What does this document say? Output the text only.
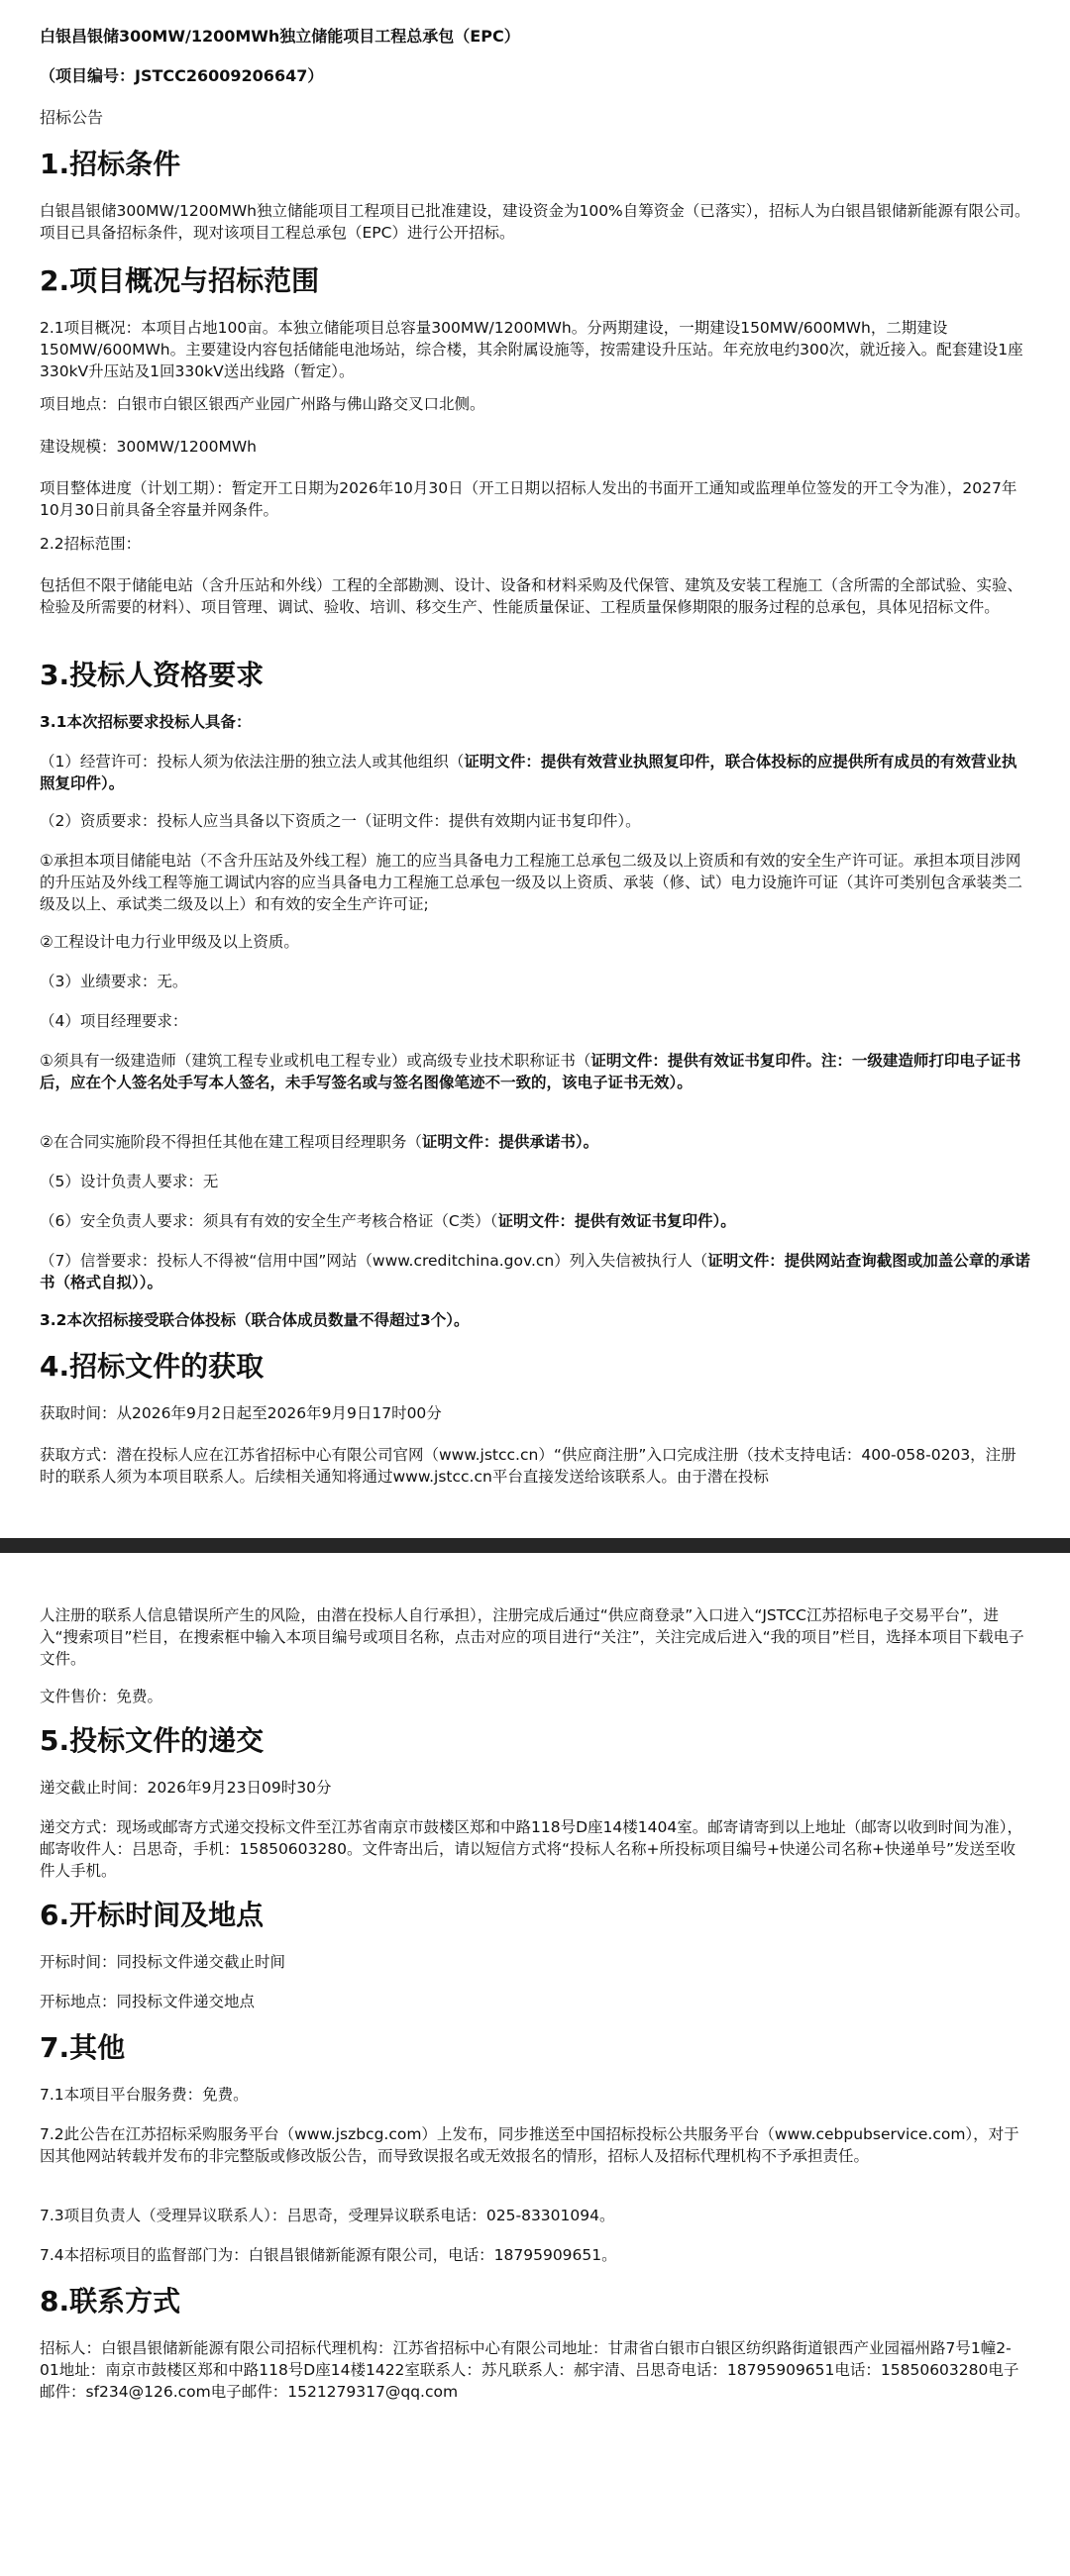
白银昌银储300MW/1200MWh独立储能项目工程总承包（EPC）
（项目编号：JSTCC26009206647）
招标公告
1.招标条件

白银昌银储300MW/1200MWh独立储能项目工程项目已批准建设，建设资金为100%自筹资金（已落实），招标人为白银昌银储新能源有限公司。项目已具备招标条件，现对该项目工程总承包（EPC）进行公开招标。

2.项目概况与招标范围

2.1项目概况：本项目占地100亩。本独立储能项目总容量300MW/1200MWh。分两期建设，一期建设150MW/600MWh，二期建设150MW/600MWh。主要建设内容包括储能电池场站，综合楼，其余附属设施等，按需建设升压站。年充放电约300次，就近接入。配套建设1座330kV升压站及1回330kV送出线路（暂定）。

项目地点：白银市白银区银西产业园广州路与佛山路交叉口北侧。

建设规模：300MW/1200MWh

项目整体进度（计划工期）：暂定开工日期为2026年10月30日（开工日期以招标人发出的书面开工通知或监理单位签发的开工令为准），2027年10月30日前具备全容量并网条件。

2.2招标范围：

包括但不限于储能电站（含升压站和外线）工程的全部勘测、设计、设备和材料采购及代保管、建筑及安装工程施工（含所需的全部试验、实验、检验及所需要的材料）、项目管理、调试、验收、培训、移交生产、性能质量保证、工程质量保修期限的服务过程的总承包，具体见招标文件。

3.投标人资格要求

3.1本次招标要求投标人具备：

（1）经营许可：投标人须为依法注册的独立法人或其他组织（证明文件：提供有效营业执照复印件，联合体投标的应提供所有成员的有效营业执照复印件）。

（2）资质要求：投标人应当具备以下资质之一（证明文件：提供有效期内证书复印件）。

①承担本项目储能电站（不含升压站及外线工程）施工的应当具备电力工程施工总承包二级及以上资质和有效的安全生产许可证。承担本项目涉网的升压站及外线工程等施工调试内容的应当具备电力工程施工总承包一级及以上资质、承装（修、试）电力设施许可证（其许可类别包含承装类二级及以上、承试类二级及以上）和有效的安全生产许可证;

②工程设计电力行业甲级及以上资质。

（3）业绩要求：无。

（4）项目经理要求：

①须具有一级建造师（建筑工程专业或机电工程专业）或高级专业技术职称证书（证明文件：提供有效证书复印件。注：一级建造师打印电子证书后，应在个人签名处手写本人签名，未手写签名或与签名图像笔迹不一致的，该电子证书无效）。

②在合同实施阶段不得担任其他在建工程项目经理职务（证明文件：提供承诺书）。

（5）设计负责人要求：无

（6）安全负责人要求：须具有有效的安全生产考核合格证（C类）（证明文件：提供有效证书复印件）。

（7）信誉要求：投标人不得被“信用中国”网站（www.creditchina.gov.cn）列入失信被执行人（证明文件：提供网站查询截图或加盖公章的承诺书（格式自拟））。

3.2本次招标接受联合体投标（联合体成员数量不得超过3个）。

4.招标文件的获取

获取时间：从2026年9月2日起至2026年9月9日17时00分

获取方式：潜在投标人应在江苏省招标中心有限公司官网（www.jstcc.cn）“供应商注册”入口完成注册（技术支持电话：400-058-0203，注册时的联系人须为本项目联系人。后续相关通知将通过www.jstcc.cn平台直接发送给该联系人。由于潜在投标

人注册的联系人信息错误所产生的风险，由潜在投标人自行承担），注册完成后通过“供应商登录”入口进入“JSTCC江苏招标电子交易平台”，进入“搜索项目”栏目，在搜索框中输入本项目编号或项目名称，点击对应的项目进行“关注”，关注完成后进入“我的项目”栏目，选择本项目下载电子文件。

文件售价：免费。

5.投标文件的递交

递交截止时间：2026年9月23日09时30分

递交方式：现场或邮寄方式递交投标文件至江苏省南京市鼓楼区郑和中路118号D座14楼1404室。邮寄请寄到以上地址（邮寄以收到时间为准），邮寄收件人：吕思奇，手机：15850603280。文件寄出后，请以短信方式将“投标人名称+所投标项目编号+快递公司名称+快递单号”发送至收件人手机。

6.开标时间及地点

开标时间：同投标文件递交截止时间

开标地点：同投标文件递交地点

7.其他

7.1本项目平台服务费：免费。

7.2此公告在江苏招标采购服务平台（www.jszbcg.com）上发布，同步推送至中国招标投标公共服务平台（www.cebpubservice.com），对于因其他网站转载并发布的非完整版或修改版公告，而导致误报名或无效报名的情形，招标人及招标代理机构不予承担责任。

7.3项目负责人（受理异议联系人）：吕思奇，受理异议联系电话：025-83301094。

7.4本招标项目的监督部门为：白银昌银储新能源有限公司，电话：18795909651。

8.联系方式

招标人：白银昌银储新能源有限公司招标代理机构：江苏省招标中心有限公司地址：甘肃省白银市白银区纺织路街道银西产业园福州路7号1幢2-01地址：南京市鼓楼区郑和中路118号D座14楼1422室联系人：苏凡联系人：郝宇清、吕思奇电话：18795909651电话：15850603280电子邮件：sf234@126.com电子邮件：1521279317@qq.com
